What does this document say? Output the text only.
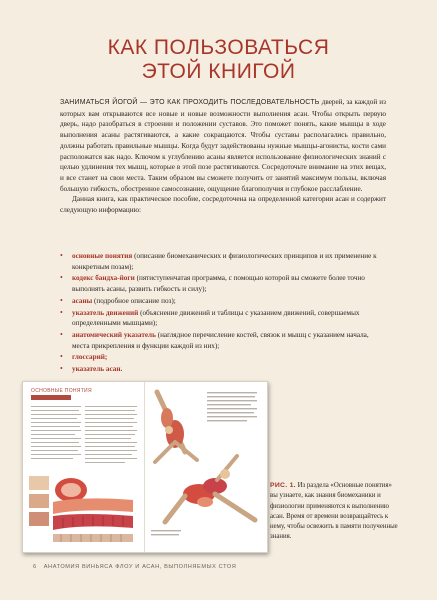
КАК ПОЛЬЗОВАТЬСЯ
ЭТОЙ КНИГОЙ

ЗАНИМАТЬСЯ ЙОГОЙ — ЭТО КАК ПРОХОДИТЬ ПОСЛЕДОВАТЕЛЬНОСТЬ дверей, за каждой из которых вам открываются все новые и новые возможности выполнения асан. Чтобы открыть первую дверь, надо разобраться в строении и положении суставов. Это поможет понять, какие мышцы в ходе выполнения асаны растягиваются, а какие сокращаются. Чтобы суставы располагались правильно, должны работать правильные мышцы. Когда будут задействованы нужные мышцы-агонисты, кости сами расположатся как надо. Ключом к углублению асаны является использование физиологических знаний с целью удлинения тех мышц, которые в этой позе растягиваются. Сосредоточьте внимание на этих вещах, и все станет на свои места. Таким образом вы сможете получить от занятий максимум пользы, включая большую гибкость, обостренное самосознание, ощущение благополучия и глубокое расслабление.

Данная книга, как практическое пособие, сосредоточена на определенной категории асан и содержит следующую информацию:

• основные понятия (описание биомеханических и физиологических принципов и их применение к конкретным позам);
• кодекс бандха-йоги (пятиступенчатая программа, с помощью которой вы сможете более точно выполнять асаны, развить гибкость и силу);
• асаны (подробное описание поз);
• указатель движений (объяснение движений и таблицы с указанием движений, совершаемых определенными мышцами);
• анатомический указатель (наглядное перечисление костей, связок и мышц с указанием начала, места прикрепления и функции каждой из них);
• глоссарий;
• указатель асан.
ОСНОВНЫЕ ПОНЯТИЯ
РИС. 1. Из раздела «Основные понятия» вы узнаете, как знания биомеханики и физиологии применяются к выполнению асан. Время от времени возвращайтесь к нему, чтобы освежить в памяти полученные знания.
6 АНАТОМИЯ ВИНЬЯСА ФЛОУ И АСАН, ВЫПОЛНЯЕМЫХ СТОЯ
